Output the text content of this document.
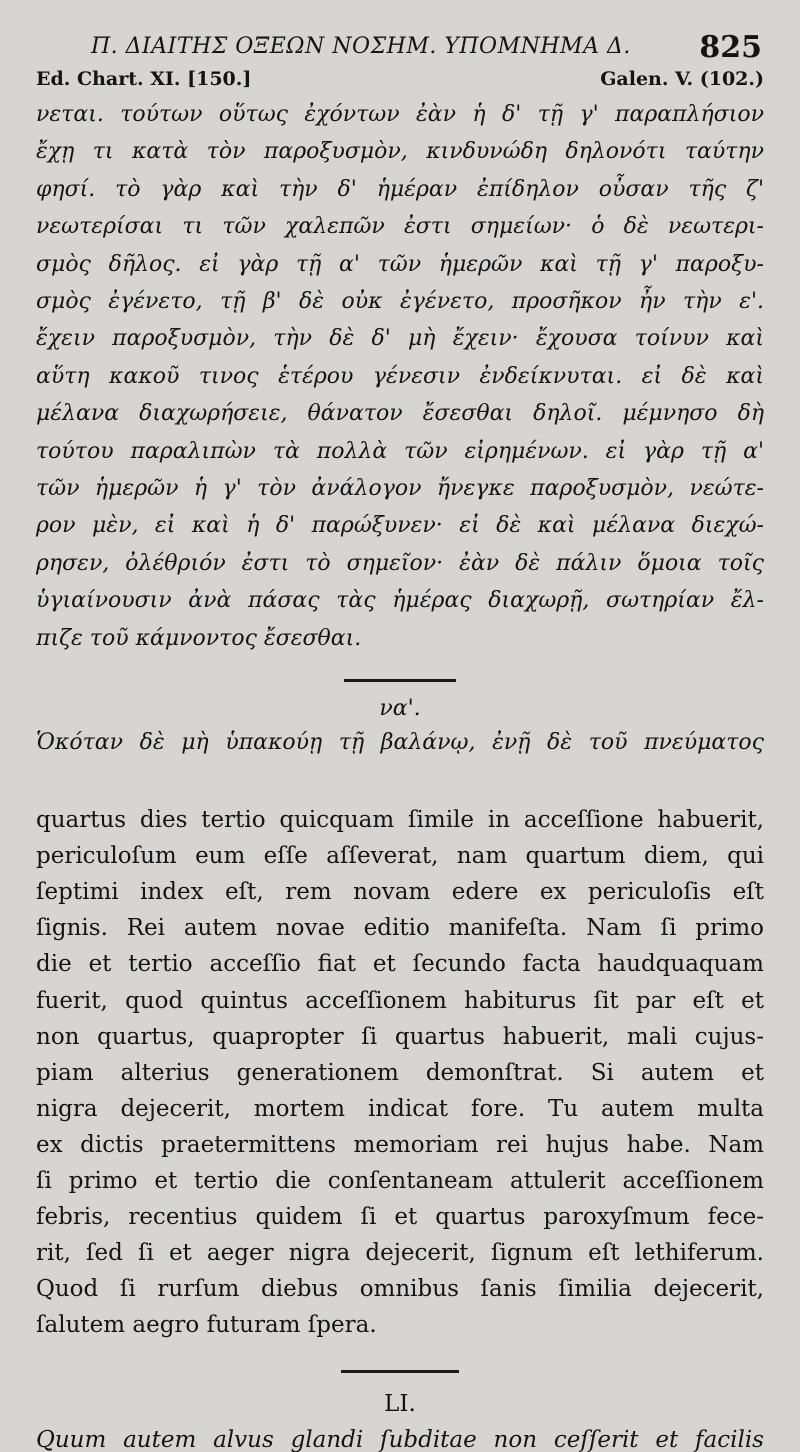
Π. ΔΙΑΙΤΗΣ ΟΞΕΩΝ ΝΟΣΗΜ. ΥΠΟΜΝΗΜΑ Δ. 825
Ed. Chart. XI. [150.]	Galen. V. (102.)
νεται. τούτων οὕτως ἐχόντων ἐὰν ἡ δ' τῇ γ' παραπλήσιον
ἔχῃ τι κατὰ τὸν παροξυσμὸν, κινδυνώδη δηλονότι ταύτην
φησί. τὸ γὰρ καὶ τὴν δ' ἡμέραν ἐπίδηλον οὖσαν τῆς ζ'
νεωτερίσαι τι τῶν χαλεπῶν ἐστι σημείων· ὁ δὲ νεωτερι-
σμὸς δῆλος. εἰ γὰρ τῇ α' τῶν ἡμερῶν καὶ τῇ γ' παροξυ-
σμὸς ἐγένετο, τῇ β' δὲ οὐκ ἐγένετο, προσῆκον ἦν τὴν ε'.
ἔχειν παροξυσμὸν, τὴν δὲ δ' μὴ ἔχειν· ἔχουσα τοίνυν καὶ
αὕτη κακοῦ τινος ἑτέρου γένεσιν ἐνδείκνυται. εἰ δὲ καὶ
μέλανα διαχωρήσειε, θάνατον ἔσεσθαι δηλοῖ. μέμνησο δὴ
τούτου παραλιπὼν τὰ πολλὰ τῶν εἰρημένων. εἰ γὰρ τῇ α'
τῶν ἡμερῶν ἡ γ' τὸν ἀνάλογον ἤνεγκε παροξυσμὸν, νεώτε-
ρον μὲν, εἰ καὶ ἡ δ' παρώξυνεν· εἰ δὲ καὶ μέλανα διεχώ-
ρησεν, ὀλέθριόν ἐστι τὸ σημεῖον· ἐὰν δὲ πάλιν ὅμοια τοῖς
ὑγιαίνουσιν ἀνὰ πάσας τὰς ἡμέρας διαχωρῇ, σωτηρίαν ἔλ-
πιζε τοῦ κάμνοντος ἔσεσθαι.
να'.
Ὁκόταν δὲ μὴ ὑπακούῃ τῇ βαλάνῳ, ἐνῇ δὲ τοῦ πνεύματος
quartus dies tertio quicquam ſimile in acceſſione habuerit,
periculoſum eum eſſe aſſeverat, nam quartum diem, qui
ſeptimi index eſt, rem novam edere ex periculoſis eſt
ſignis. Rei autem novae editio manifeſta. Nam ſi primo
die et tertio acceſſio fiat et ſecundo facta haudquaquam
fuerit, quod quintus acceſſionem habiturus ſit par eſt et
non quartus, quapropter ſi quartus habuerit, mali cujus-
piam alterius generationem demonſtrat. Si autem et
nigra dejecerit, mortem indicat fore. Tu autem multa
ex dictis praetermittens memoriam rei hujus habe. Nam
ſi primo et tertio die conſentaneam attulerit acceſſionem
febris, recentius quidem ſi et quartus paroxyſmum fece-
rit, ſed ſi et aeger nigra dejecerit, ſignum eſt lethiferum.
Quod ſi rurſum diebus omnibus ſanis ſimilia dejecerit,
ſalutem aegro futuram ſpera.
LI.
Quum autem alvus glandi ſubditae non ceſſerit et facilis
